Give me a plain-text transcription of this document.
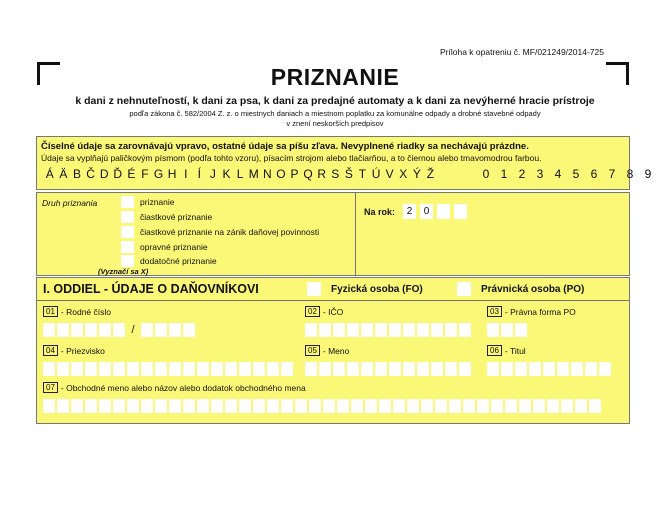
Príloha k opatreniu č. MF/021249/2014-725
PRIZNANIE
k dani z nehnuteľností, k dani za psa, k dani za predajné automaty a k dani za nevýherné hracie prístroje
podľa zákona č. 582/2004 Z. z. o miestnych daniach a miestnom poplatku za komunálne odpady a drobné stavebné odpady
v znení neskorších predpisov
Číselné údaje sa zarovnávajú vpravo, ostatné údaje sa píšu zľava. Nevyplnené riadky sa nechávajú prázdne.
Údaje sa vyplňajú paličkovým písmom (podľa tohto vzoru), písacím strojom alebo tlačiarňou, a to čiernou alebo tmavomodrou farbou.
Á Ä B Č D Ď É F G H I Í J K L M N O P Q R S Š T Ú V X Ý Ž	0 1 2 3 4 5 6 7 8 9
Druh priznania	priznanie
čiastkové priznanie
čiastkové priznanie na zánik daňovej povinnosti
opravné priznanie
dodatočné priznanie
Na rok:	2	0
(Vyznačí sa X)
I. ODDIEL - ÚDAJE O DAŇOVNÍKOVI	Fyzická osoba (FO)	Právnická osoba (PO)
01 - Rodné číslo	02 - IČO	03 - Právna forma PO
/
04 - Priezvisko	05 - Meno	06 - Titul
07 - Obchodné meno alebo názov alebo dodatok obchodného mena
